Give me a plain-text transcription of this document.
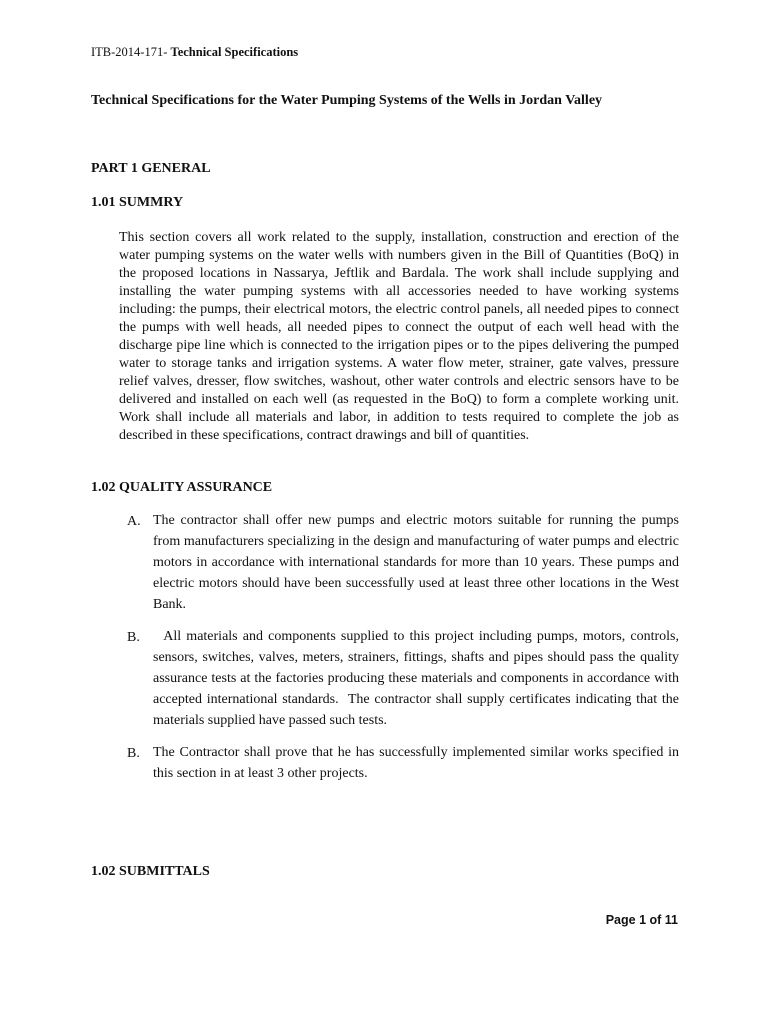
ITB-2014-171- Technical Specifications
Technical Specifications for the Water Pumping Systems of the Wells in Jordan Valley
PART 1 GENERAL
1.01 SUMMRY
This section covers all work related to the supply, installation, construction and erection of the water pumping systems on the water wells with numbers given in the Bill of Quantities (BoQ) in the proposed locations in Nassarya, Jeftlik and Bardala. The work shall include supplying and installing the water pumping systems with all accessories needed to have working systems including: the pumps, their electrical motors, the electric control panels, all needed pipes to connect the pumps with well heads, all needed pipes to connect the output of each well head with the discharge pipe line which is connected to the irrigation pipes or to the pipes delivering the pumped water to storage tanks and irrigation systems. A water flow meter, strainer, gate valves, pressure relief valves, dresser, flow switches, washout, other water controls and electric sensors have to be delivered and installed on each well (as requested in the BoQ) to form a complete working unit. Work shall include all materials and labor, in addition to tests required to complete the job as described in these specifications, contract drawings and bill of quantities.
1.02 QUALITY ASSURANCE
A. The contractor shall offer new pumps and electric motors suitable for running the pumps from manufacturers specializing in the design and manufacturing of water pumps and electric motors in accordance with international standards for more than 10 years. These pumps and electric motors should have been successfully used at least three other locations in the West Bank.
B. All materials and components supplied to this project including pumps, motors, controls, sensors, switches, valves, meters, strainers, fittings, shafts and pipes should pass the quality assurance tests at the factories producing these materials and components in accordance with accepted international standards.  The contractor shall supply certificates indicating that the materials supplied have passed such tests.
B. The Contractor shall prove that he has successfully implemented similar works specified in this section in at least 3 other projects.
1.02 SUBMITTALS
Page 1 of 11
